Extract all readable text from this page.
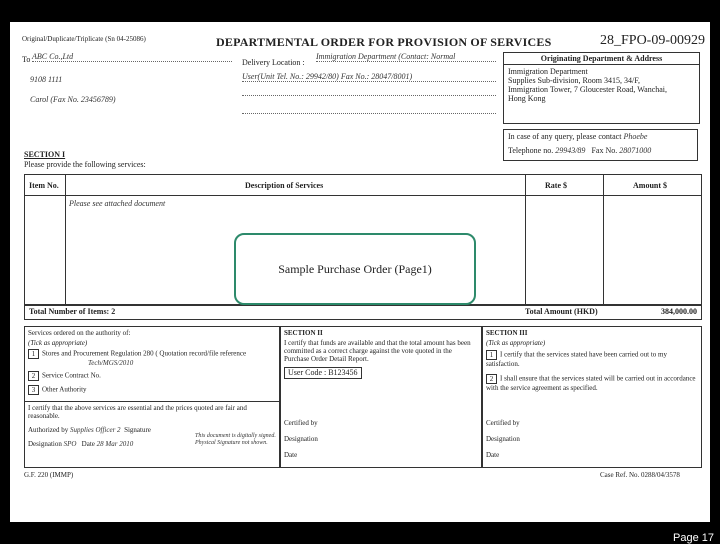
Original/Duplicate/Triplicate (Sn 04-25086)	DEPARTMENTAL ORDER FOR PROVISION OF SERVICES	28_FPO-09-00929
To ABC Co.,Ltd
9108 1111
Carol (Fax No. 23456789)
Delivery Location :
Immigration Department (Contact: Normal
User(Unit Tel. No.: 29942/80) Fax No.: 28047/8001)
Originating Department & Address
Immigration Department
Supplies Sub-division, Room 3415, 34/F,
Immigration Tower, 7 Gloucester Road, Wanchai,
Hong Kong
In case of any query, please contact Phoebe
Telephone no. 29943/89 Fax No. 28071000
SECTION I
Please provide the following services:
Item No.	Description of Services	Rate $	Amount $
Please see attached document
Total Number of Items: 2	Total Amount (HKD)	384,000.00
Services ordered on the authority of:
(Tick as appropriate)
1 Stores and Procurement Regulation 280 ( Quotation record/file reference
Tech/MGS/2010
2 Service Contract No.
3 Other Authority
I certify that the above services are essential and the prices quoted are fair and reasonable.
Authorized by Supplies Officer 2 Signature
This document is digitally signed. Physical Signature not shown.
Designation SPO Date 28 Mar 2010
SECTION II
I certify that funds are available and that the total amount has been committed as a correct charge against the vote quoted in the Purchase Order Detail Report.
User Code : B123456
Certified by
Designation
Date
SECTION III
(Tick as appropriate)
1 I certify that the services stated have been carried out to my satisfaction.
2 I shall ensure that the services stated will be carried out in accordance with the service agreement as specified.
Certified by
Designation
Date
G.F. 220 (IMMP)	Case Ref. No. 0288/04/3578
Sample Purchase Order (Page1)
Page 17
